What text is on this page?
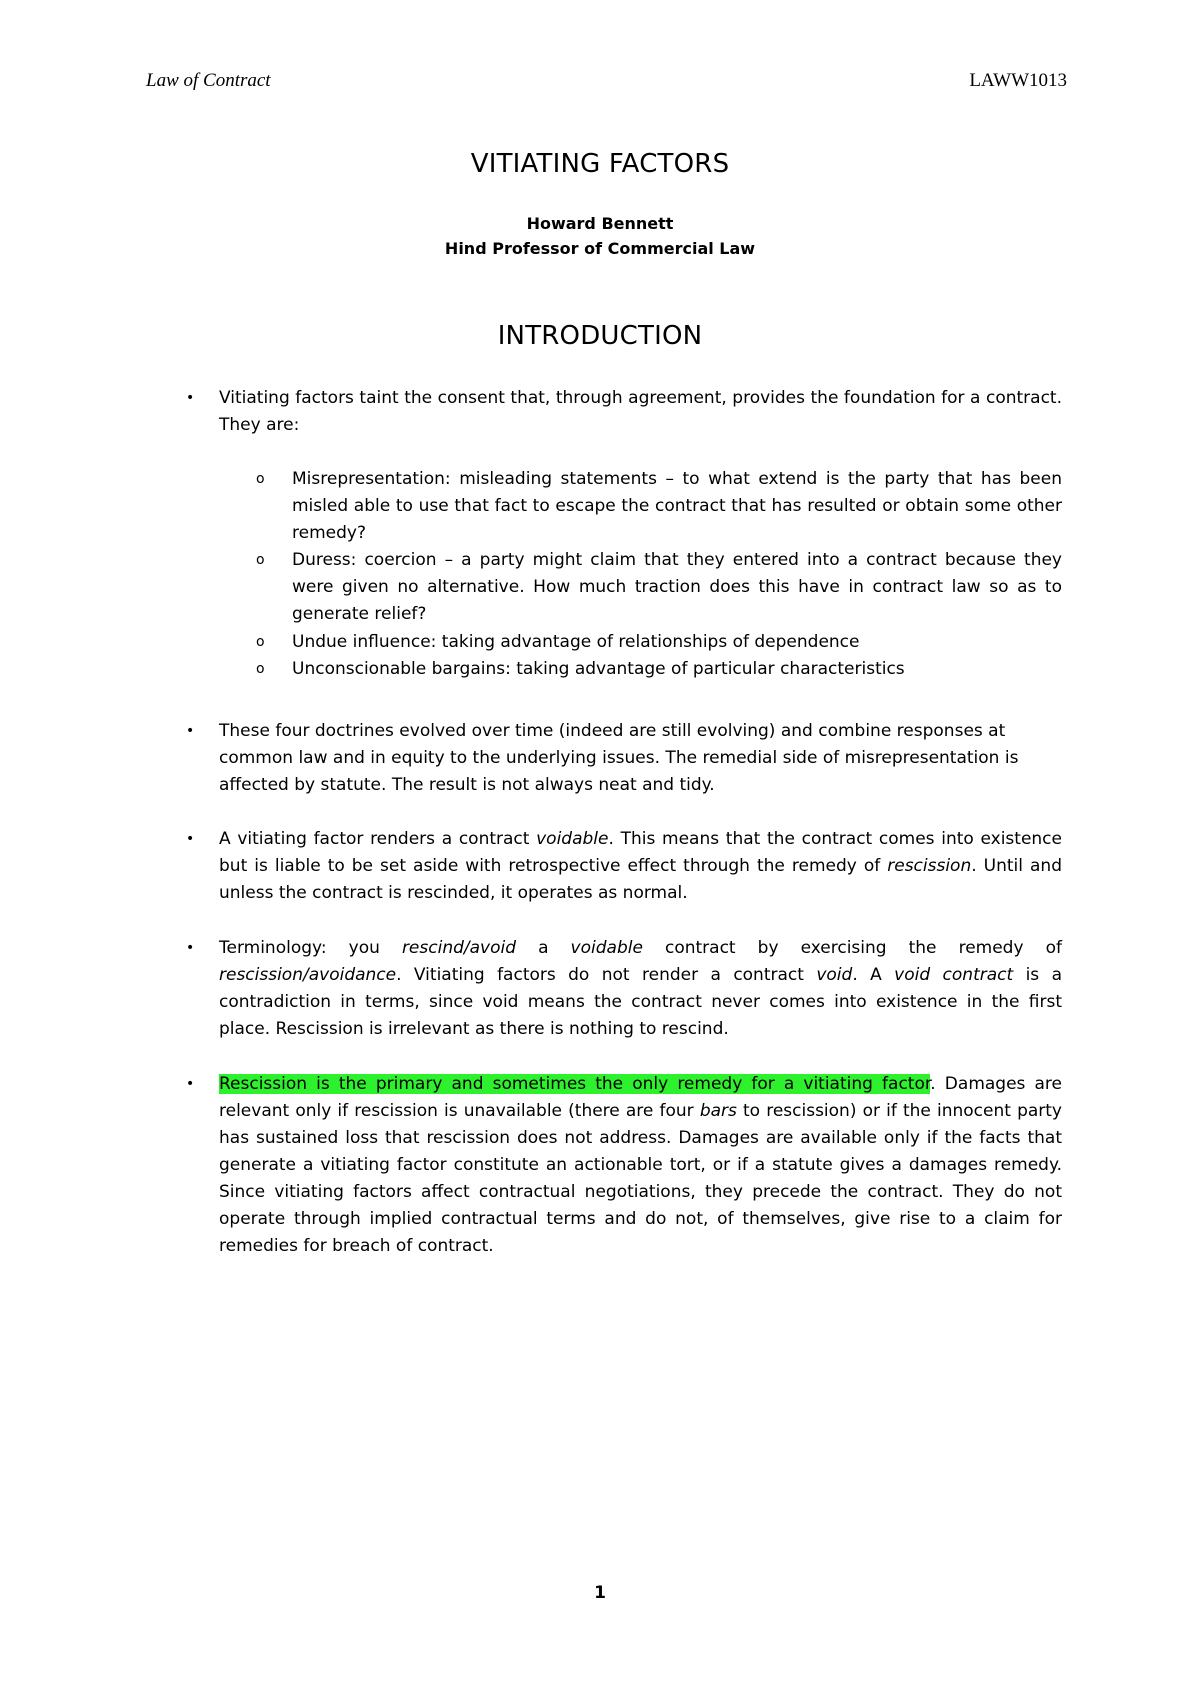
Law of Contract	LAWW1013
VITIATING FACTORS
Howard Bennett
Hind Professor of Commercial Law
INTRODUCTION
• Vitiating factors taint the consent that, through agreement, provides the foundation for a contract. They are:
o Misrepresentation: misleading statements – to what extend is the party that has been misled able to use that fact to escape the contract that has resulted or obtain some other remedy?
o Duress: coercion – a party might claim that they entered into a contract because they were given no alternative. How much traction does this have in contract law so as to generate relief?
o Undue influence: taking advantage of relationships of dependence
o Unconscionable bargains: taking advantage of particular characteristics
• These four doctrines evolved over time (indeed are still evolving) and combine responses at common law and in equity to the underlying issues. The remedial side of misrepresentation is affected by statute. The result is not always neat and tidy.
• A vitiating factor renders a contract voidable. This means that the contract comes into existence but is liable to be set aside with retrospective effect through the remedy of rescission. Until and unless the contract is rescinded, it operates as normal.
• Terminology: you rescind/avoid a voidable contract by exercising the remedy of rescission/avoidance. Vitiating factors do not render a contract void. A void contract is a contradiction in terms, since void means the contract never comes into existence in the first place. Rescission is irrelevant as there is nothing to rescind.
• Rescission is the primary and sometimes the only remedy for a vitiating factor. Damages are relevant only if rescission is unavailable (there are four bars to rescission) or if the innocent party has sustained loss that rescission does not address. Damages are available only if the facts that generate a vitiating factor constitute an actionable tort, or if a statute gives a damages remedy. Since vitiating factors affect contractual negotiations, they precede the contract. They do not operate through implied contractual terms and do not, of themselves, give rise to a claim for remedies for breach of contract.
1
